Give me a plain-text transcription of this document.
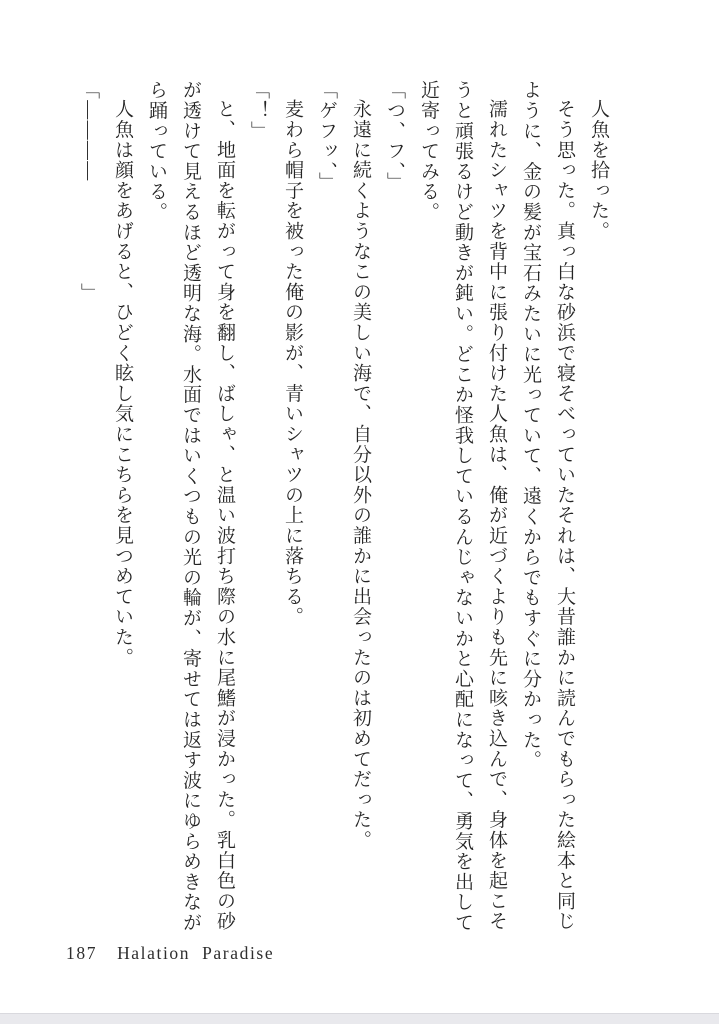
人魚を拾った。

そう思った。真っ白な砂浜で寝そべっていたそれは、大昔誰かに読んでもらった絵本と同じように、金の髪が宝石みたいに光っていて、遠くからでもすぐに分かった。

濡れたシャツを背中に張り付けた人魚は、俺が近づくよりも先に咳き込んで、身体を起こそうと頑張るけど動きが鈍い。どこか怪我しているんじゃないかと心配になって、勇気を出して近寄ってみる。

「つ、フ、」

永遠に続くようなこの美しい海で、自分以外の誰かに出会ったのは初めてだった。

「ゲフッ、」

麦わら帽子を被った俺の影が、青いシャツの上に落ちる。

「！」

と、地面を転がって身を翻し、ばしゃ、と温い波打ち際の水に尾鰭が浸かった。乳白色の砂が透けて見えるほど透明な海。水面ではいくつもの光の輪が、寄せては返す波にゆらめきながら踊っている。

人魚は顔をあげると、ひどく眩し気にこちらを見つめていた。

「――――　　　　　」

187 Halation Paradise
